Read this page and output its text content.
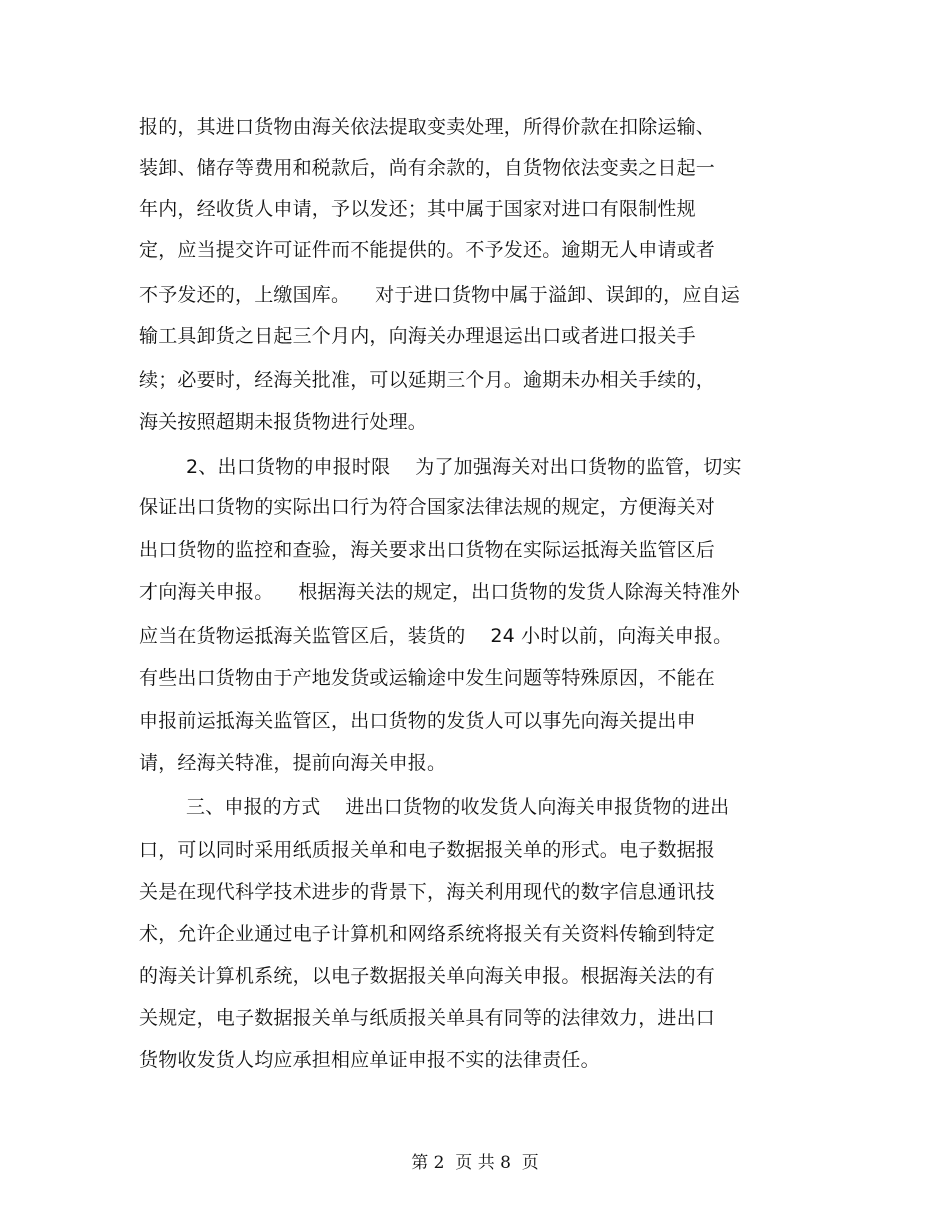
报的，其进口货物由海关依法提取变卖处理，所得价款在扣除运输、
装卸、储存等费用和税款后，尚有余款的，自货物依法变卖之日起一
年内，经收货人申请，予以发还；其中属于国家对进口有限制性规
定，应当提交许可证件而不能提供的。不予发还。逾期无人申请或者
不予发还的，上缴国库。    对于进口货物中属于溢卸、误卸的，应自运
输工具卸货之日起三个月内，向海关办理退运出口或者进口报关手
续；必要时，经海关批准，可以延期三个月。逾期未办相关手续的，
海关按照超期未报货物进行处理。
2、出口货物的申报时限    为了加强海关对出口货物的监管，切实
保证出口货物的实际出口行为符合国家法律法规的规定，方便海关对
出口货物的监控和查验，海关要求出口货物在实际运抵海关监管区后
才向海关申报。    根据海关法的规定，出口货物的发货人除海关特准外
应当在货物运抵海关监管区后，装货的    24 小时以前，向海关申报。
有些出口货物由于产地发货或运输途中发生问题等特殊原因，不能在
申报前运抵海关监管区，出口货物的发货人可以事先向海关提出申
请，经海关特准，提前向海关申报。
三、申报的方式    进出口货物的收发货人向海关申报货物的进出
口，可以同时采用纸质报关单和电子数据报关单的形式。电子数据报
关是在现代科学技术进步的背景下，海关利用现代的数字信息通讯技
术，允许企业通过电子计算机和网络系统将报关有关资料传输到特定
的海关计算机系统，以电子数据报关单向海关申报。根据海关法的有
关规定，电子数据报关单与纸质报关单具有同等的法律效力，进出口
货物收发货人均应承担相应单证申报不实的法律责任。
第 2  页 共 8  页
